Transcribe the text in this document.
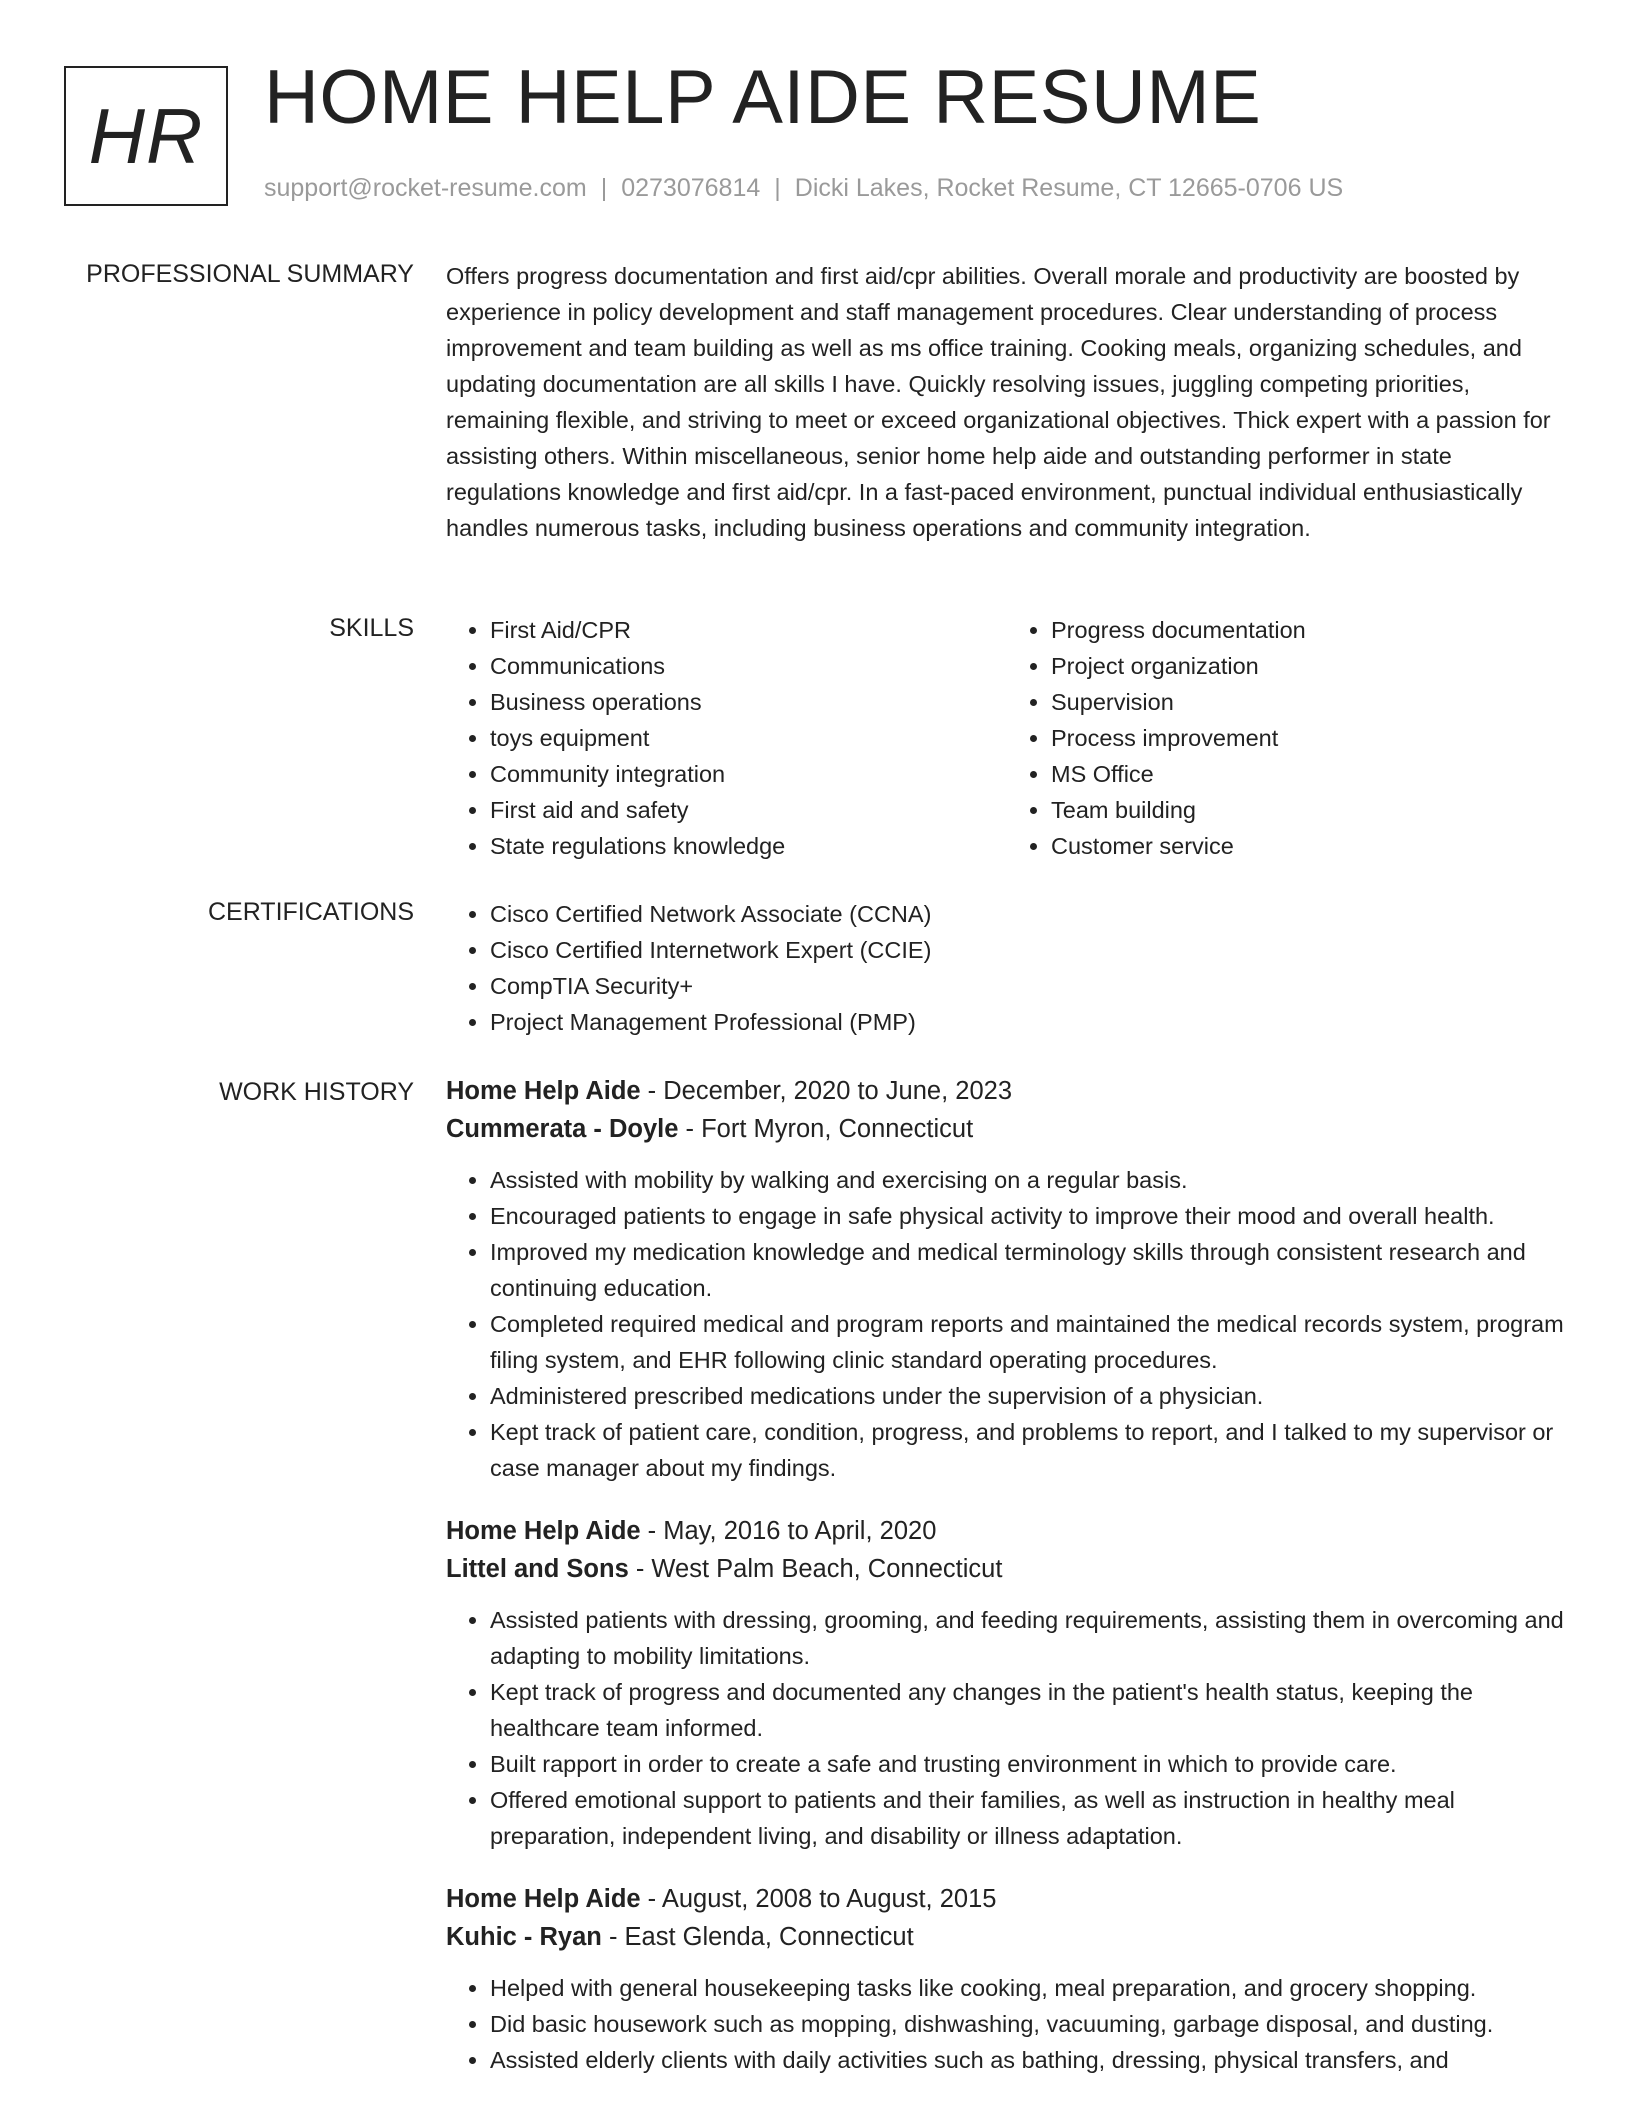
HR HOME HELP AIDE RESUME
support@rocket-resume.com | 0273076814 | Dicki Lakes, Rocket Resume, CT 12665-0706 US
PROFESSIONAL SUMMARY Offers progress documentation and first aid/cpr abilities. Overall morale and productivity are boosted by experience in policy development and staff management procedures. Clear understanding of process improvement and team building as well as ms office training. Cooking meals, organizing schedules, and updating documentation are all skills I have. Quickly resolving issues, juggling competing priorities, remaining flexible, and striving to meet or exceed organizational objectives. Thick expert with a passion for assisting others. Within miscellaneous, senior home help aide and outstanding performer in state regulations knowledge and first aid/cpr. In a fast-paced environment, punctual individual enthusiastically handles numerous tasks, including business operations and community integration.

SKILLS	• First Aid/CPR
• Communications
• Business operations
• toys equipment
• Community integration
• First aid and safety
• State regulations knowledge
• Progress documentation
• Project organization
• Supervision
• Process improvement
• MS Office
• Team building
• Customer service
CERTIFICATIONS	• Cisco Certified Network Associate (CCNA)
• Cisco Certified Internetwork Expert (CCIE)
• CompTIA Security+
• Project Management Professional (PMP)
WORK HISTORY Home Help Aide - December, 2020 to June, 2023
Cummerata - Doyle - Fort Myron, Connecticut
• Assisted with mobility by walking and exercising on a regular basis.
• Encouraged patients to engage in safe physical activity to improve their mood and overall health.
• Improved my medication knowledge and medical terminology skills through consistent research and continuing education.
• Completed required medical and program reports and maintained the medical records system, program filing system, and EHR following clinic standard operating procedures.
• Administered prescribed medications under the supervision of a physician.
• Kept track of patient care, condition, progress, and problems to report, and I talked to my supervisor or case manager about my findings.
Home Help Aide - May, 2016 to April, 2020
Littel and Sons - West Palm Beach, Connecticut
• Assisted patients with dressing, grooming, and feeding requirements, assisting them in overcoming and adapting to mobility limitations.
• Kept track of progress and documented any changes in the patient's health status, keeping the healthcare team informed.
• Built rapport in order to create a safe and trusting environment in which to provide care.
• Offered emotional support to patients and their families, as well as instruction in healthy meal preparation, independent living, and disability or illness adaptation.
Home Help Aide - August, 2008 to August, 2015
Kuhic - Ryan - East Glenda, Connecticut
• Helped with general housekeeping tasks like cooking, meal preparation, and grocery shopping.
• Did basic housework such as mopping, dishwashing, vacuuming, garbage disposal, and dusting.
• Assisted elderly clients with daily activities such as bathing, dressing, physical transfers, and
